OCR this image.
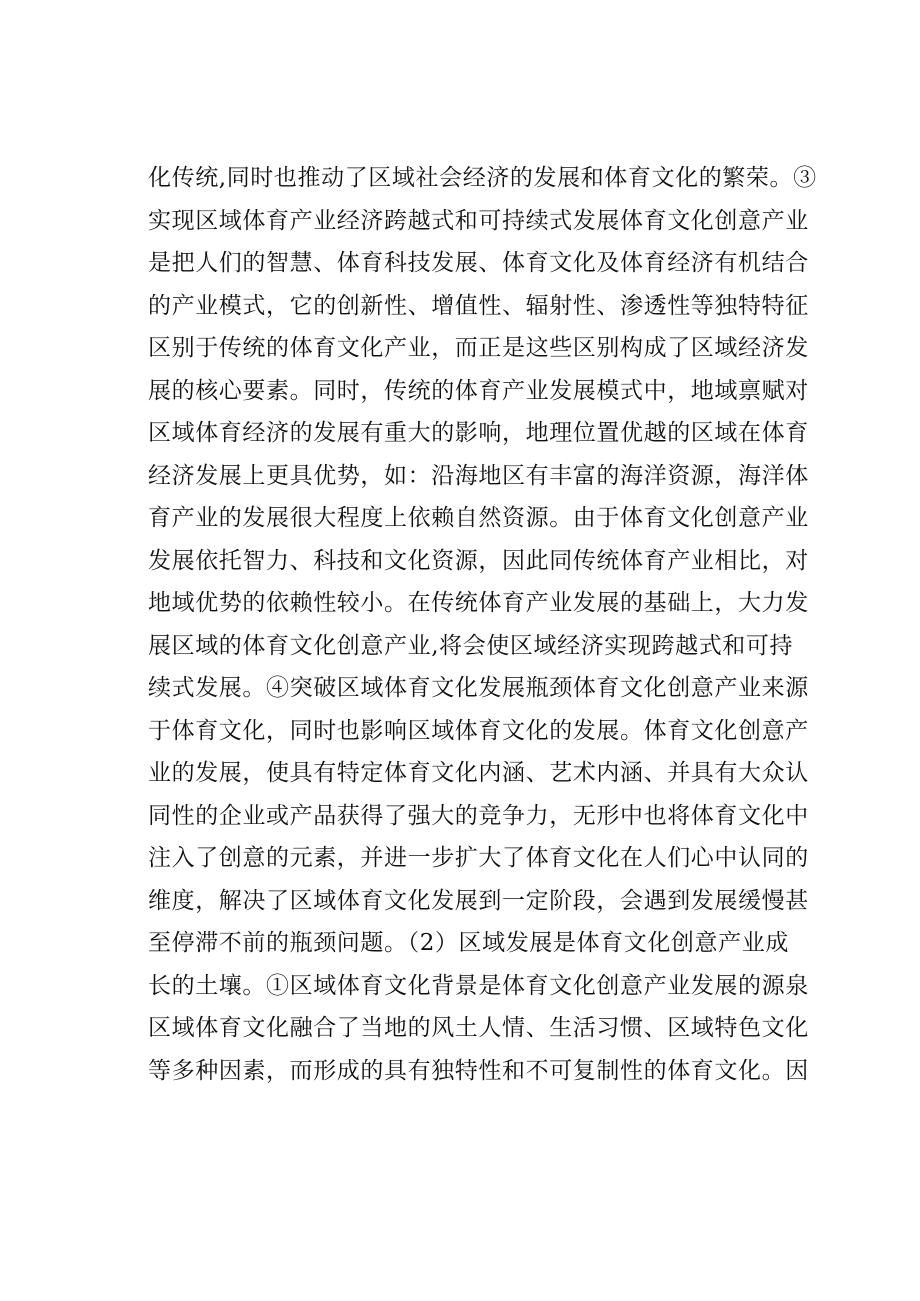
化传统,同时也推动了区域社会经济的发展和体育文化的繁荣。③
实现区域体育产业经济跨越式和可持续式发展体育文化创意产业
是把人们的智慧、体育科技发展、体育文化及体育经济有机结合
的产业模式，它的创新性、增值性、辐射性、渗透性等独特特征
区别于传统的体育文化产业，而正是这些区别构成了区域经济发
展的核心要素。同时，传统的体育产业发展模式中，地域禀赋对
区域体育经济的发展有重大的影响，地理位置优越的区域在体育
经济发展上更具优势，如：沿海地区有丰富的海洋资源，海洋体
育产业的发展很大程度上依赖自然资源。由于体育文化创意产业
发展依托智力、科技和文化资源，因此同传统体育产业相比，对
地域优势的依赖性较小。在传统体育产业发展的基础上，大力发
展区域的体育文化创意产业,将会使区域经济实现跨越式和可持
续式发展。④突破区域体育文化发展瓶颈体育文化创意产业来源
于体育文化，同时也影响区域体育文化的发展。体育文化创意产
业的发展，使具有特定体育文化内涵、艺术内涵、并具有大众认
同性的企业或产品获得了强大的竞争力，无形中也将体育文化中
注入了创意的元素，并进一步扩大了体育文化在人们心中认同的
维度，解决了区域体育文化发展到一定阶段，会遇到发展缓慢甚
至停滞不前的瓶颈问题。（2）区域发展是体育文化创意产业成
长的土壤。①区域体育文化背景是体育文化创意产业发展的源泉
区域体育文化融合了当地的风土人情、生活习惯、区域特色文化
等多种因素，而形成的具有独特性和不可复制性的体育文化。因
